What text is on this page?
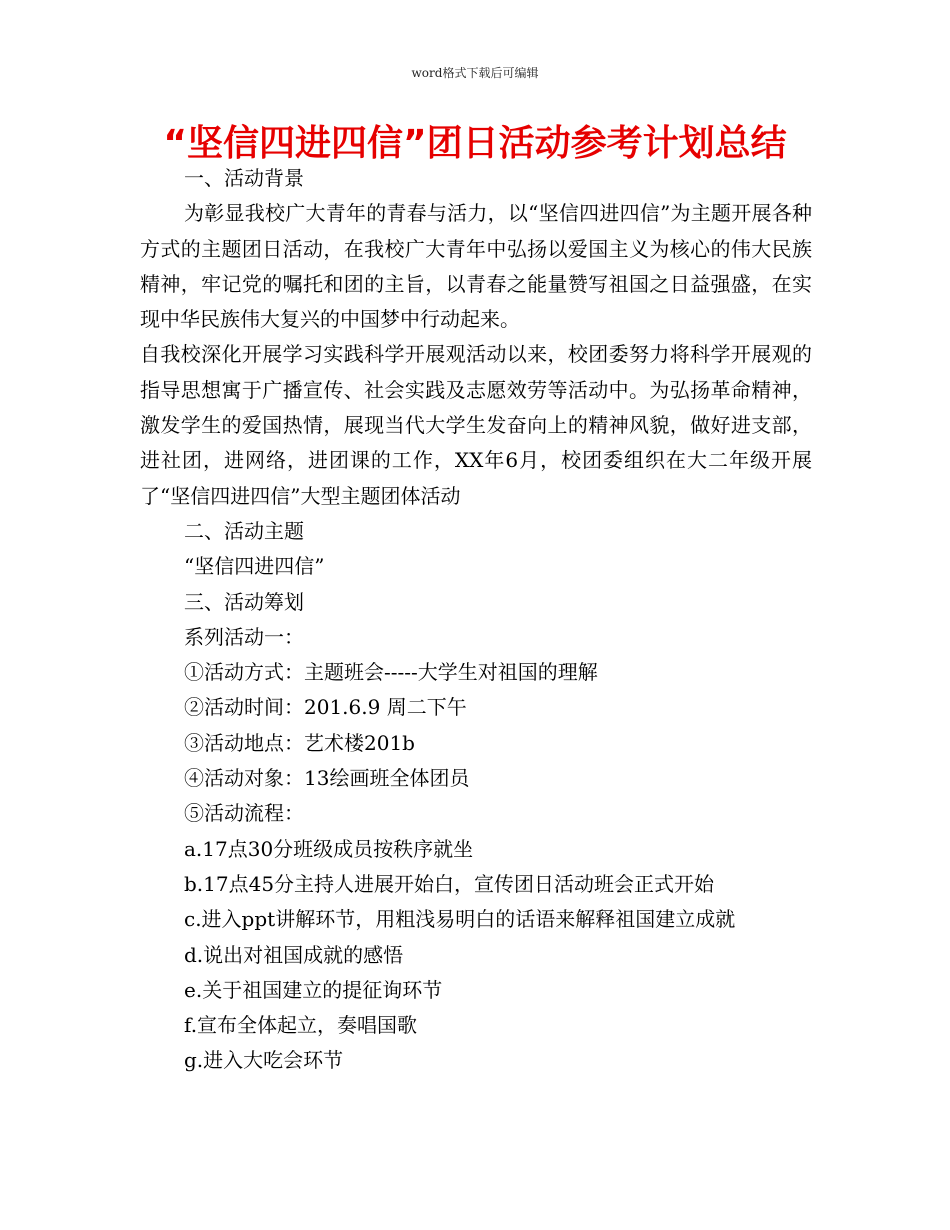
word格式下载后可编辑
“坚信四进四信”团日活动参考计划总结

一、活动背景

为彰显我校广大青年的青春与活力，以“坚信四进四信”为主题开展各种方式的主题团日活动，在我校广大青年中弘扬以爱国主义为核心的伟大民族精神，牢记党的嘱托和团的主旨，以青春之能量赞写祖国之日益强盛，在实现中华民族伟大复兴的中国梦中行动起来。

自我校深化开展学习实践科学开展观活动以来，校团委努力将科学开展观的指导思想寓于广播宣传、社会实践及志愿效劳等活动中。为弘扬革命精神，激发学生的爱国热情，展现当代大学生发奋向上的精神风貌，做好进支部，进社团，进网络，进团课的工作，XX年6月，校团委组织在大二年级开展了“坚信四进四信”大型主题团体活动

二、活动主题

“坚信四进四信”

三、活动筹划

系列活动一：

①活动方式：主题班会-----大学生对祖国的理解

②活动时间：201.6.9 周二下午

③活动地点：艺术楼201b

④活动对象：13绘画班全体团员

⑤活动流程：

a.17点30分班级成员按秩序就坐

b.17点45分主持人进展开始白，宣传团日活动班会正式开始

c.进入ppt讲解环节，用粗浅易明白的话语来解释祖国建立成就

d.说出对祖国成就的感悟

e.关于祖国建立的提征询环节

f.宣布全体起立，奏唱国歌

g.进入大吃会环节
